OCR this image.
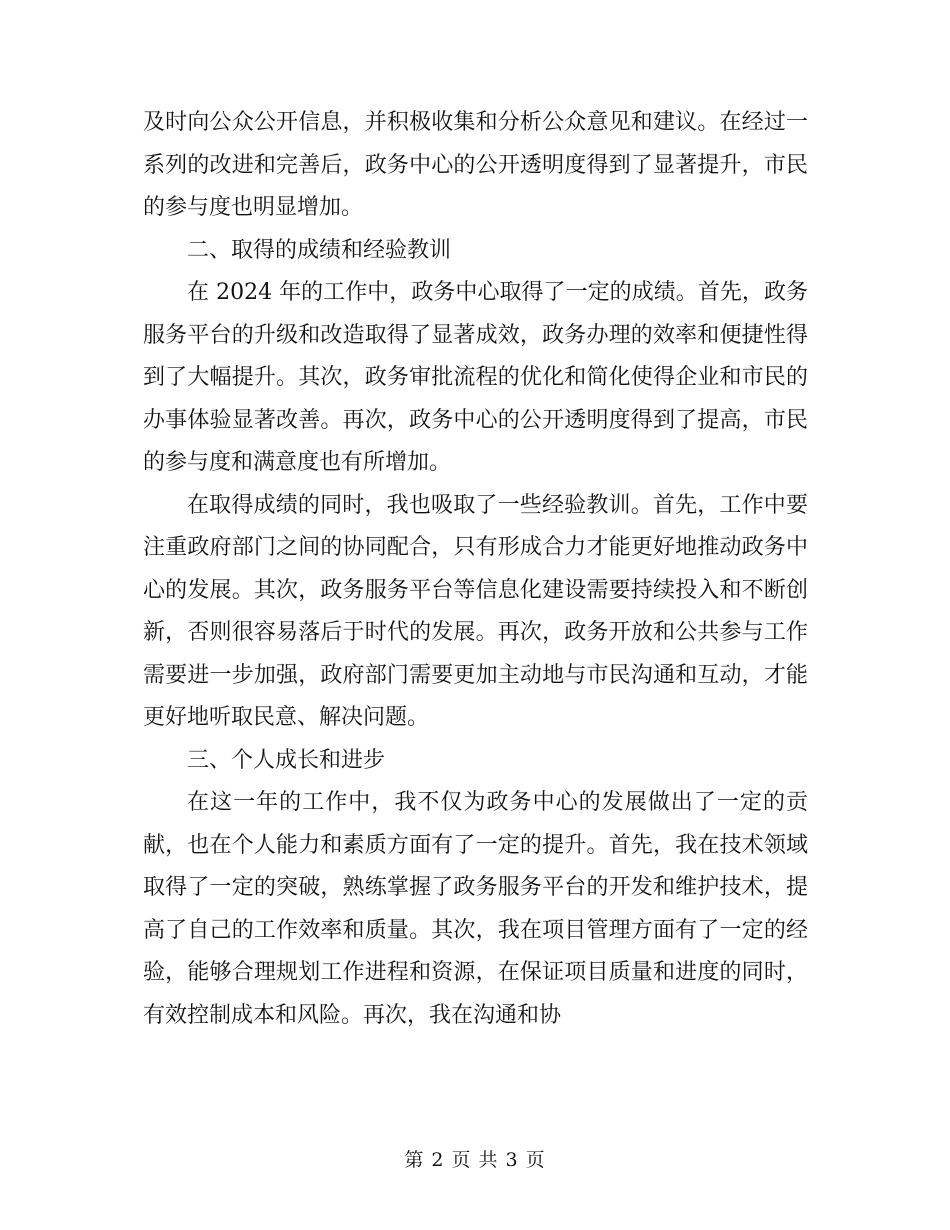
及时向公众公开信息，并积极收集和分析公众意见和建议。在经过一系列的改进和完善后，政务中心的公开透明度得到了显著提升，市民的参与度也明显增加。

二、取得的成绩和经验教训

在 2024 年的工作中，政务中心取得了一定的成绩。首先，政务服务平台的升级和改造取得了显著成效，政务办理的效率和便捷性得到了大幅提升。其次，政务审批流程的优化和简化使得企业和市民的办事体验显著改善。再次，政务中心的公开透明度得到了提高，市民的参与度和满意度也有所增加。

在取得成绩的同时，我也吸取了一些经验教训。首先，工作中要注重政府部门之间的协同配合，只有形成合力才能更好地推动政务中心的发展。其次，政务服务平台等信息化建设需要持续投入和不断创新，否则很容易落后于时代的发展。再次，政务开放和公共参与工作需要进一步加强，政府部门需要更加主动地与市民沟通和互动，才能更好地听取民意、解决问题。

三、个人成长和进步

在这一年的工作中，我不仅为政务中心的发展做出了一定的贡献，也在个人能力和素质方面有了一定的提升。首先，我在技术领域取得了一定的突破，熟练掌握了政务服务平台的开发和维护技术，提高了自己的工作效率和质量。其次，我在项目管理方面有了一定的经验，能够合理规划工作进程和资源，在保证项目质量和进度的同时，有效控制成本和风险。再次，我在沟通和协

第 2 页 共 3 页
